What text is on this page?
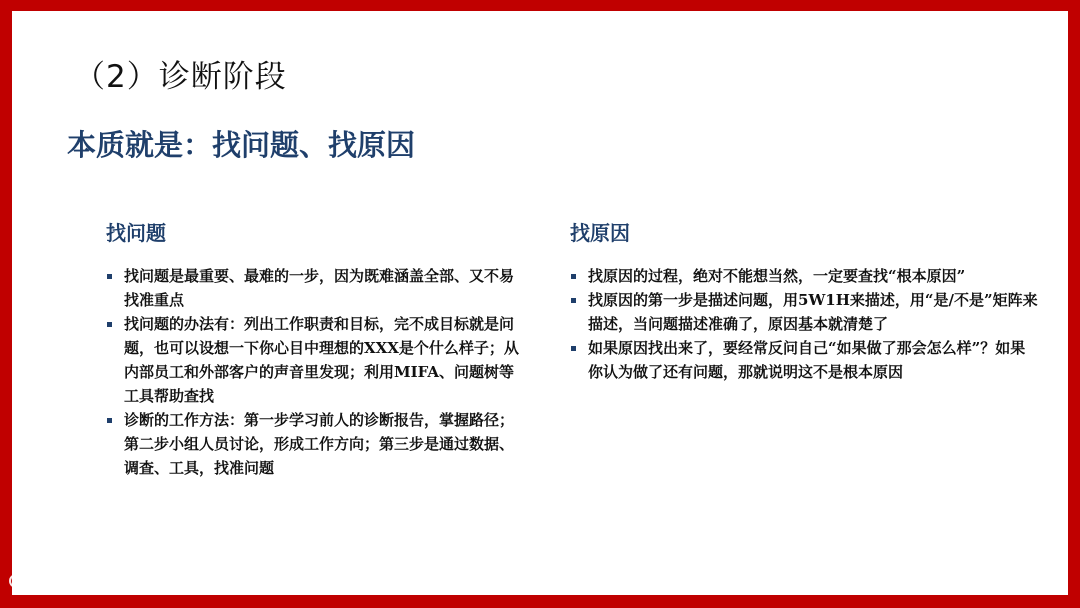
（2）诊断阶段
本质就是：找问题、找原因
找问题
找问题是最重要、最难的一步，因为既难涵盖全部、又不易找准重点
找问题的办法有：列出工作职责和目标，完不成目标就是问题，也可以设想一下你心目中理想的XXX是个什么样子；从内部员工和外部客户的声音里发现；利用MIFA、问题树等工具帮助查找
诊断的工作方法：第一步学习前人的诊断报告，掌握路径；第二步小组人员讨论，形成工作方向；第三步是通过数据、调查、工具，找准问题
找原因
找原因的过程，绝对不能想当然，一定要查找“根本原因”
找原因的第一步是描述问题，用5W1H来描述，用“是/不是”矩阵来描述，当问题描述准确了，原因基本就清楚了
如果原因找出来了，要经常反问自己“如果做了那会怎么样”？如果你认为做了还有问题，那就说明这不是根本原因
大数跨境
